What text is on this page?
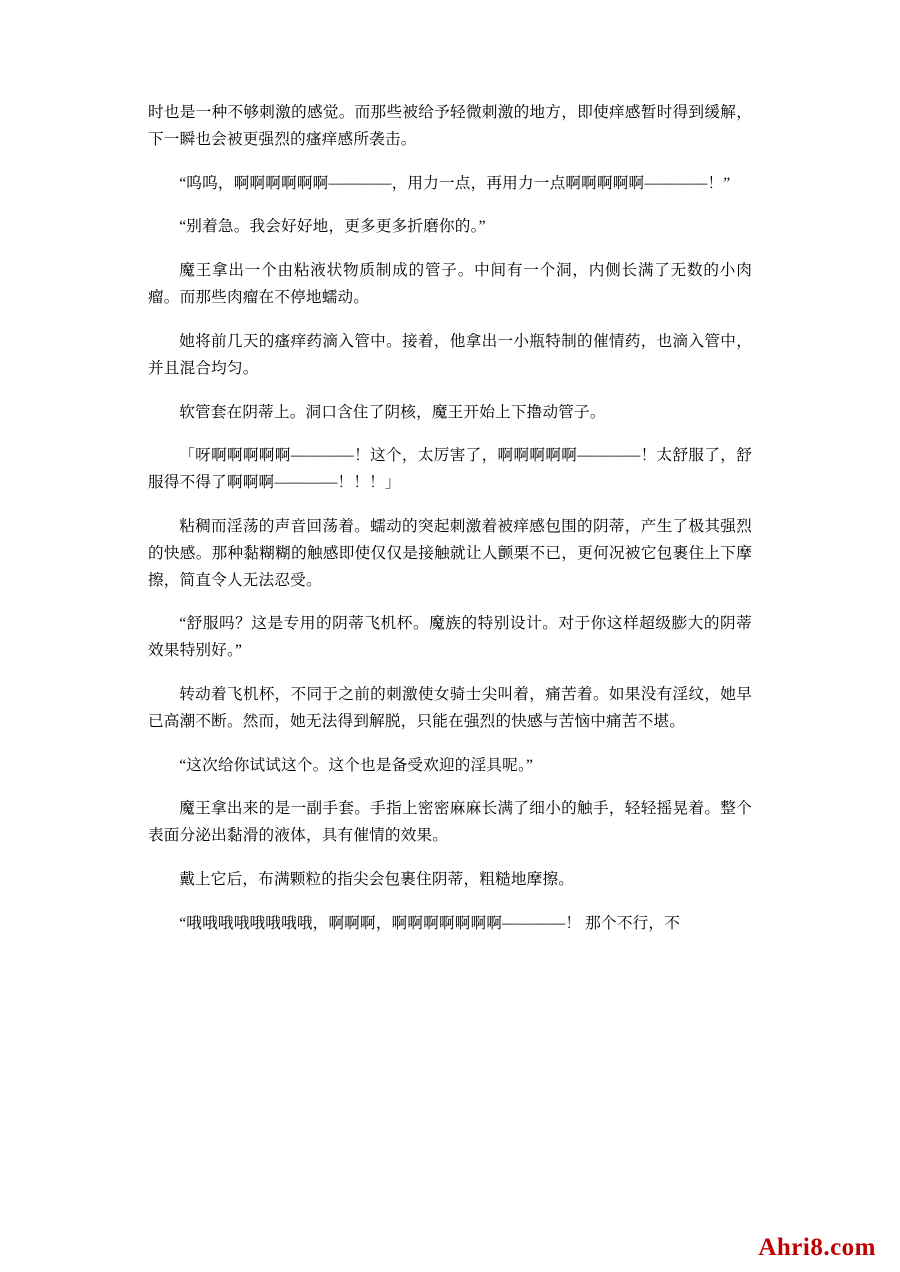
时也是一种不够刺激的感觉。而那些被给予轻微刺激的地方，即使痒感暂时得到缓解，下一瞬也会被更强烈的瘙痒感所袭击。

“呜呜，啊啊啊啊啊啊————，用力一点，再用力一点啊啊啊啊啊————！”

“别着急。我会好好地，更多更多折磨你的。”

魔王拿出一个由粘液状物质制成的管子。中间有一个洞，内侧长满了无数的小肉瘤。而那些肉瘤在不停地蠕动。

她将前几天的瘙痒药滴入管中。接着，他拿出一小瓶特制的催情药，也滴入管中，并且混合均匀。

软管套在阴蒂上。洞口含住了阴核，魔王开始上下撸动管子。

「呀啊啊啊啊啊————！这个，太厉害了，啊啊啊啊啊————！太舒服了，舒服得不得了啊啊啊————！！！」

粘稠而淫荡的声音回荡着。蠕动的突起刺激着被痒感包围的阴蒂，产生了极其强烈的快感。那种黏糊糊的触感即使仅仅是接触就让人颤栗不已，更何况被它包裹住上下摩擦，简直令人无法忍受。

“舒服吗？这是专用的阴蒂飞机杯。魔族的特别设计。对于你这样超级膨大的阴蒂效果特别好。”

转动着飞机杯，不同于之前的刺激使女骑士尖叫着，痛苦着。如果没有淫纹，她早已高潮不断。然而，她无法得到解脱，只能在强烈的快感与苦恼中痛苦不堪。

“这次给你试试这个。这个也是备受欢迎的淫具呢。”

魔王拿出来的是一副手套。手指上密密麻麻长满了细小的触手，轻轻摇晃着。整个表面分泌出黏滑的液体，具有催情的效果。

戴上它后，布满颗粒的指尖会包裹住阴蒂，粗糙地摩擦。

“哦哦哦哦哦哦哦哦，啊啊啊，啊啊啊啊啊啊啊————！ 那个不行，不

Ahri8.com
